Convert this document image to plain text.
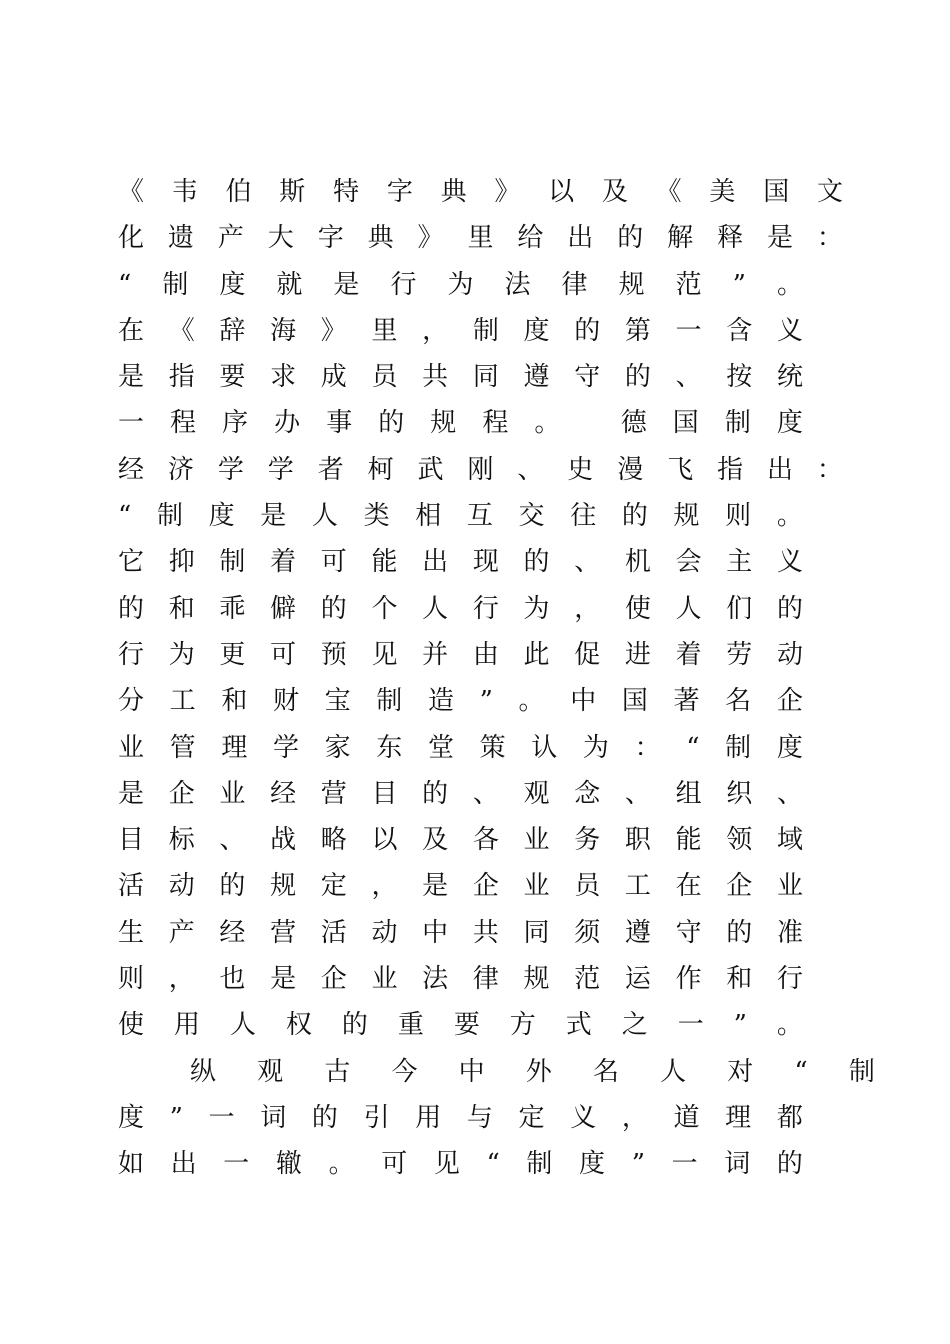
《 韦 伯 斯 特 字 典 》 以 及 《 美 国 文
化 遗 产 大 字 典 》 里 给 出 的 解 释 是 ：
“ 制 度 就 是 行 为 法 律 规 范 ” 。
在 《 辞 海 》 里 ， 制 度 的 第 一 含 义
是 指 要 求 成 员 共 同 遵 守 的 、 按 统
一 程 序 办 事 的 规 程 。
德 国 制 度
经 济 学 学 者 柯 武 刚 、 史 漫 飞 指 出 ：
“ 制 度 是 人 类 相 互 交 往 的 规 则 。
它 抑 制 着 可 能 出 现 的 、 机 会 主 义
的 和 乖 僻 的 个 人 行 为 ， 使 人 们 的
行 为 更 可 预 见 并 由 此 促 进 着 劳 动
分 工 和 财 宝 制 造 ” 。 中 国 著 名 企
业 管 理 学 家 东 堂 策 认 为 ： “ 制 度
是 企 业 经 营 目 的 、 观 念 、 组 织 、
目 标 、 战 略 以 及 各 业 务 职 能 领 域
活 动 的 规 定 ， 是 企 业 员 工 在 企 业
生 产 经 营 活 动 中 共 同 须 遵 守 的 准
则 ， 也 是 企 业 法 律 规 范 运 作 和 行
使 用 人 权 的 重 要 方 式 之 一 ” 。
纵 观 古 今 中 外 名 人 对 “ 制
度 ” 一 词 的 引 用 与 定 义 ， 道 理 都
如 出 一 辙 。 可 见 “ 制 度 ” 一 词 的
